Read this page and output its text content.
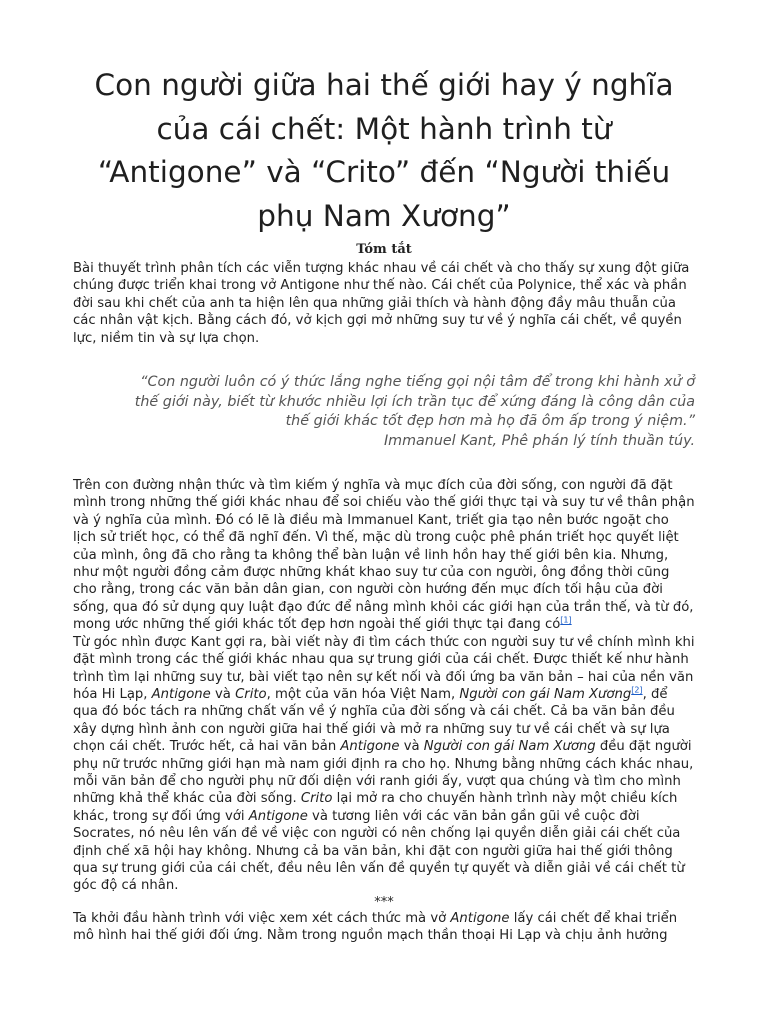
Con người giữa hai thế giới hay ý nghĩa của cái chết: Một hành trình từ “Antigone” và “Crito” đến “Người thiếu phụ Nam Xương”
Tóm tắt

Bài thuyết trình phân tích các viễn tượng khác nhau về cái chết và cho thấy sự xung đột giữa chúng được triển khai trong vở Antigone như thế nào. Cái chết của Polynice, thể xác và phần đời sau khi chết của anh ta hiện lên qua những giải thích và hành động đầy mâu thuẫn của các nhân vật kịch. Bằng cách đó, vở kịch gợi mở những suy tư về ý nghĩa cái chết, về quyền lực, niềm tin và sự lựa chọn.

“Con người luôn có ý thức lắng nghe tiếng gọi nội tâm để trong khi hành xử ở
thế giới này, biết từ khước nhiều lợi ích trần tục để xứng đáng là công dân của
thế giới khác tốt đẹp hơn mà họ đã ôm ấp trong ý niệm.”
Immanuel Kant, Phê phán lý tính thuần túy.

Trên con đường nhận thức và tìm kiếm ý nghĩa và mục đích của đời sống, con người đã đặt mình trong những thế giới khác nhau để soi chiếu vào thế giới thực tại và suy tư về thân phận và ý nghĩa của mình. Đó có lẽ là điều mà Immanuel Kant, triết gia tạo nên bước ngoặt cho lịch sử triết học, có thể đã nghĩ đến. Vì thế, mặc dù trong cuộc phê phán triết học quyết liệt của mình, ông đã cho rằng ta không thể bàn luận về linh hồn hay thế giới bên kia. Nhưng, như một người đồng cảm được những khát khao suy tư của con người, ông đồng thời cũng cho rằng, trong các văn bản dân gian, con người còn hướng đến mục đích tối hậu của đời sống, qua đó sử dụng quy luật đạo đức để nâng mình khỏi các giới hạn của trần thế, và từ đó, mong ước những thế giới khác tốt đẹp hơn ngoài thế giới thực tại đang có[1]

Từ góc nhìn được Kant gợi ra, bài viết này đi tìm cách thức con người suy tư về chính mình khi đặt mình trong các thế giới khác nhau qua sự trung giới của cái chết. Được thiết kế như hành trình tìm lại những suy tư, bài viết tạo nên sự kết nối và đối ứng ba văn bản – hai của nền văn hóa Hi Lạp, Antigone và Crito, một của văn hóa Việt Nam, Người con gái Nam Xương[2], để qua đó bóc tách ra những chất vấn về ý nghĩa của đời sống và cái chết. Cả ba văn bản đều xây dựng hình ảnh con người giữa hai thế giới và mở ra những suy tư về cái chết và sự lựa chọn cái chết. Trước hết, cả hai văn bản Antigone và Người con gái Nam Xương đều đặt người phụ nữ trước những giới hạn mà nam giới định ra cho họ. Nhưng bằng những cách khác nhau, mỗi văn bản để cho người phụ nữ đối diện với ranh giới ấy, vượt qua chúng và tìm cho mình những khả thể khác của đời sống. Crito lại mở ra cho chuyến hành trình này một chiều kích khác, trong sự đối ứng với Antigone và tương liên với các văn bản gần gũi về cuộc đời Socrates, nó nêu lên vấn đề về việc con người có nên chống lại quyền diễn giải cái chết của định chế xã hội hay không. Nhưng cả ba văn bản, khi đặt con người giữa hai thế giới thông qua sự trung giới của cái chết, đều nêu lên vấn đề quyền tự quyết và diễn giải về cái chết từ góc độ cá nhân.

***

Ta khởi đầu hành trình với việc xem xét cách thức mà vở Antigone lấy cái chết để khai triển mô hình hai thế giới đối ứng. Nằm trong nguồn mạch thần thoại Hi Lạp và chịu ảnh hưởng
